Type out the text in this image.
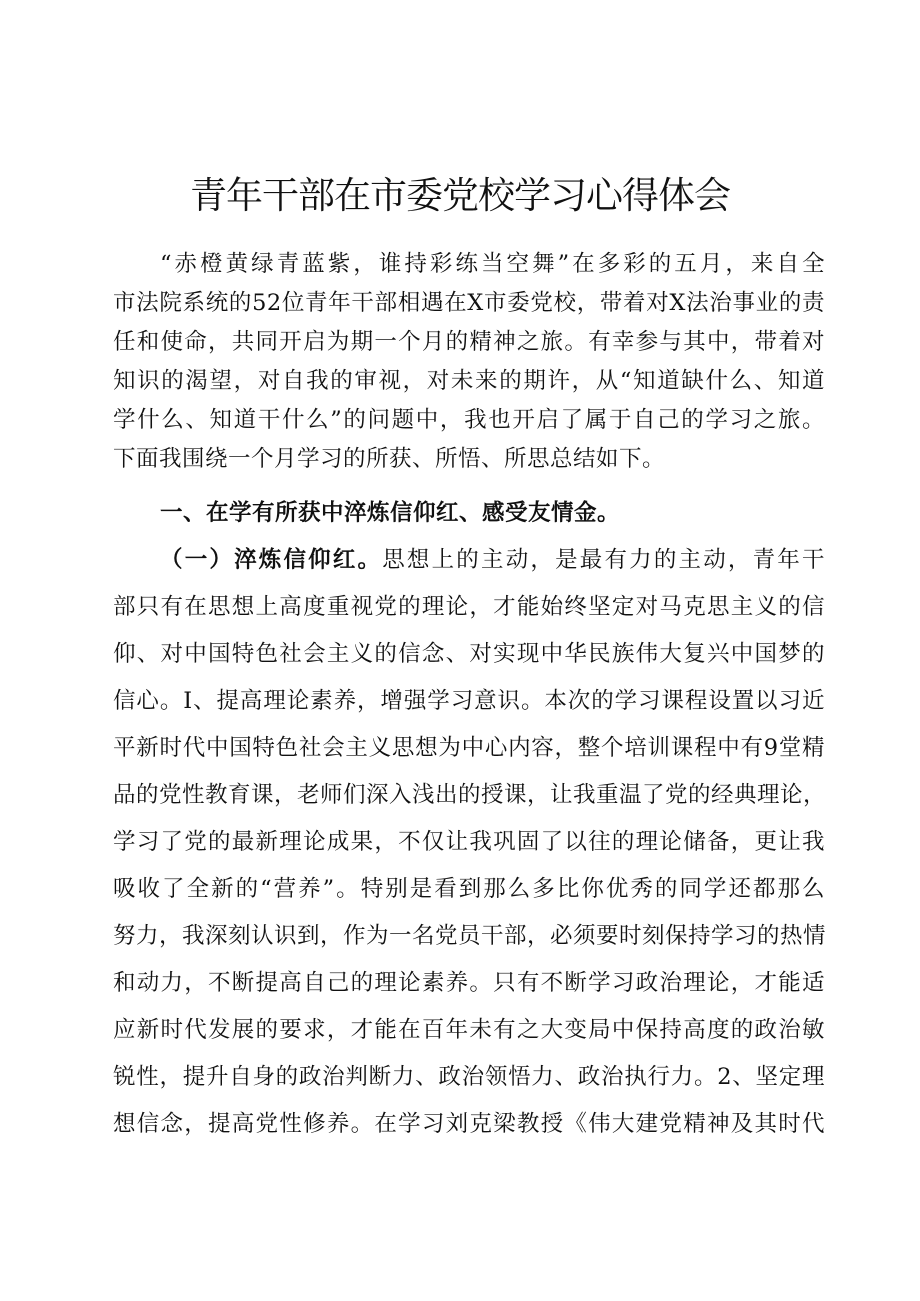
青年干部在市委党校学习心得体会
“赤橙黄绿青蓝紫，谁持彩练当空舞”在多彩的五月，来自全
市法院系统的52位青年干部相遇在X市委党校，带着对X法治事业的责
任和使命，共同开启为期一个月的精神之旅。有幸参与其中，带着对
知识的渴望，对自我的审视，对未来的期许，从“知道缺什么、知道
学什么、知道干什么”的问题中，我也开启了属于自己的学习之旅。
下面我围绕一个月学习的所获、所悟、所思总结如下。
一、在学有所获中淬炼信仰红、感受友情金。
（一）淬炼信仰红。思想上的主动，是最有力的主动，青年干
部只有在思想上高度重视党的理论，才能始终坚定对马克思主义的信
仰、对中国特色社会主义的信念、对实现中华民族伟大复兴中国梦的
信心。I、提高理论素养，增强学习意识。本次的学习课程设置以习近
平新时代中国特色社会主义思想为中心内容，整个培训课程中有9堂精
品的党性教育课，老师们深入浅出的授课，让我重温了党的经典理论，
学习了党的最新理论成果，不仅让我巩固了以往的理论储备，更让我
吸收了全新的“营养”。特别是看到那么多比你优秀的同学还都那么
努力，我深刻认识到，作为一名党员干部，必须要时刻保持学习的热情
和动力，不断提高自己的理论素养。只有不断学习政治理论，才能适
应新时代发展的要求，才能在百年未有之大变局中保持高度的政治敏
锐性，提升自身的政治判断力、政治领悟力、政治执行力。2、坚定理
想信念，提高党性修养。在学习刘克梁教授《伟大建党精神及其时代
